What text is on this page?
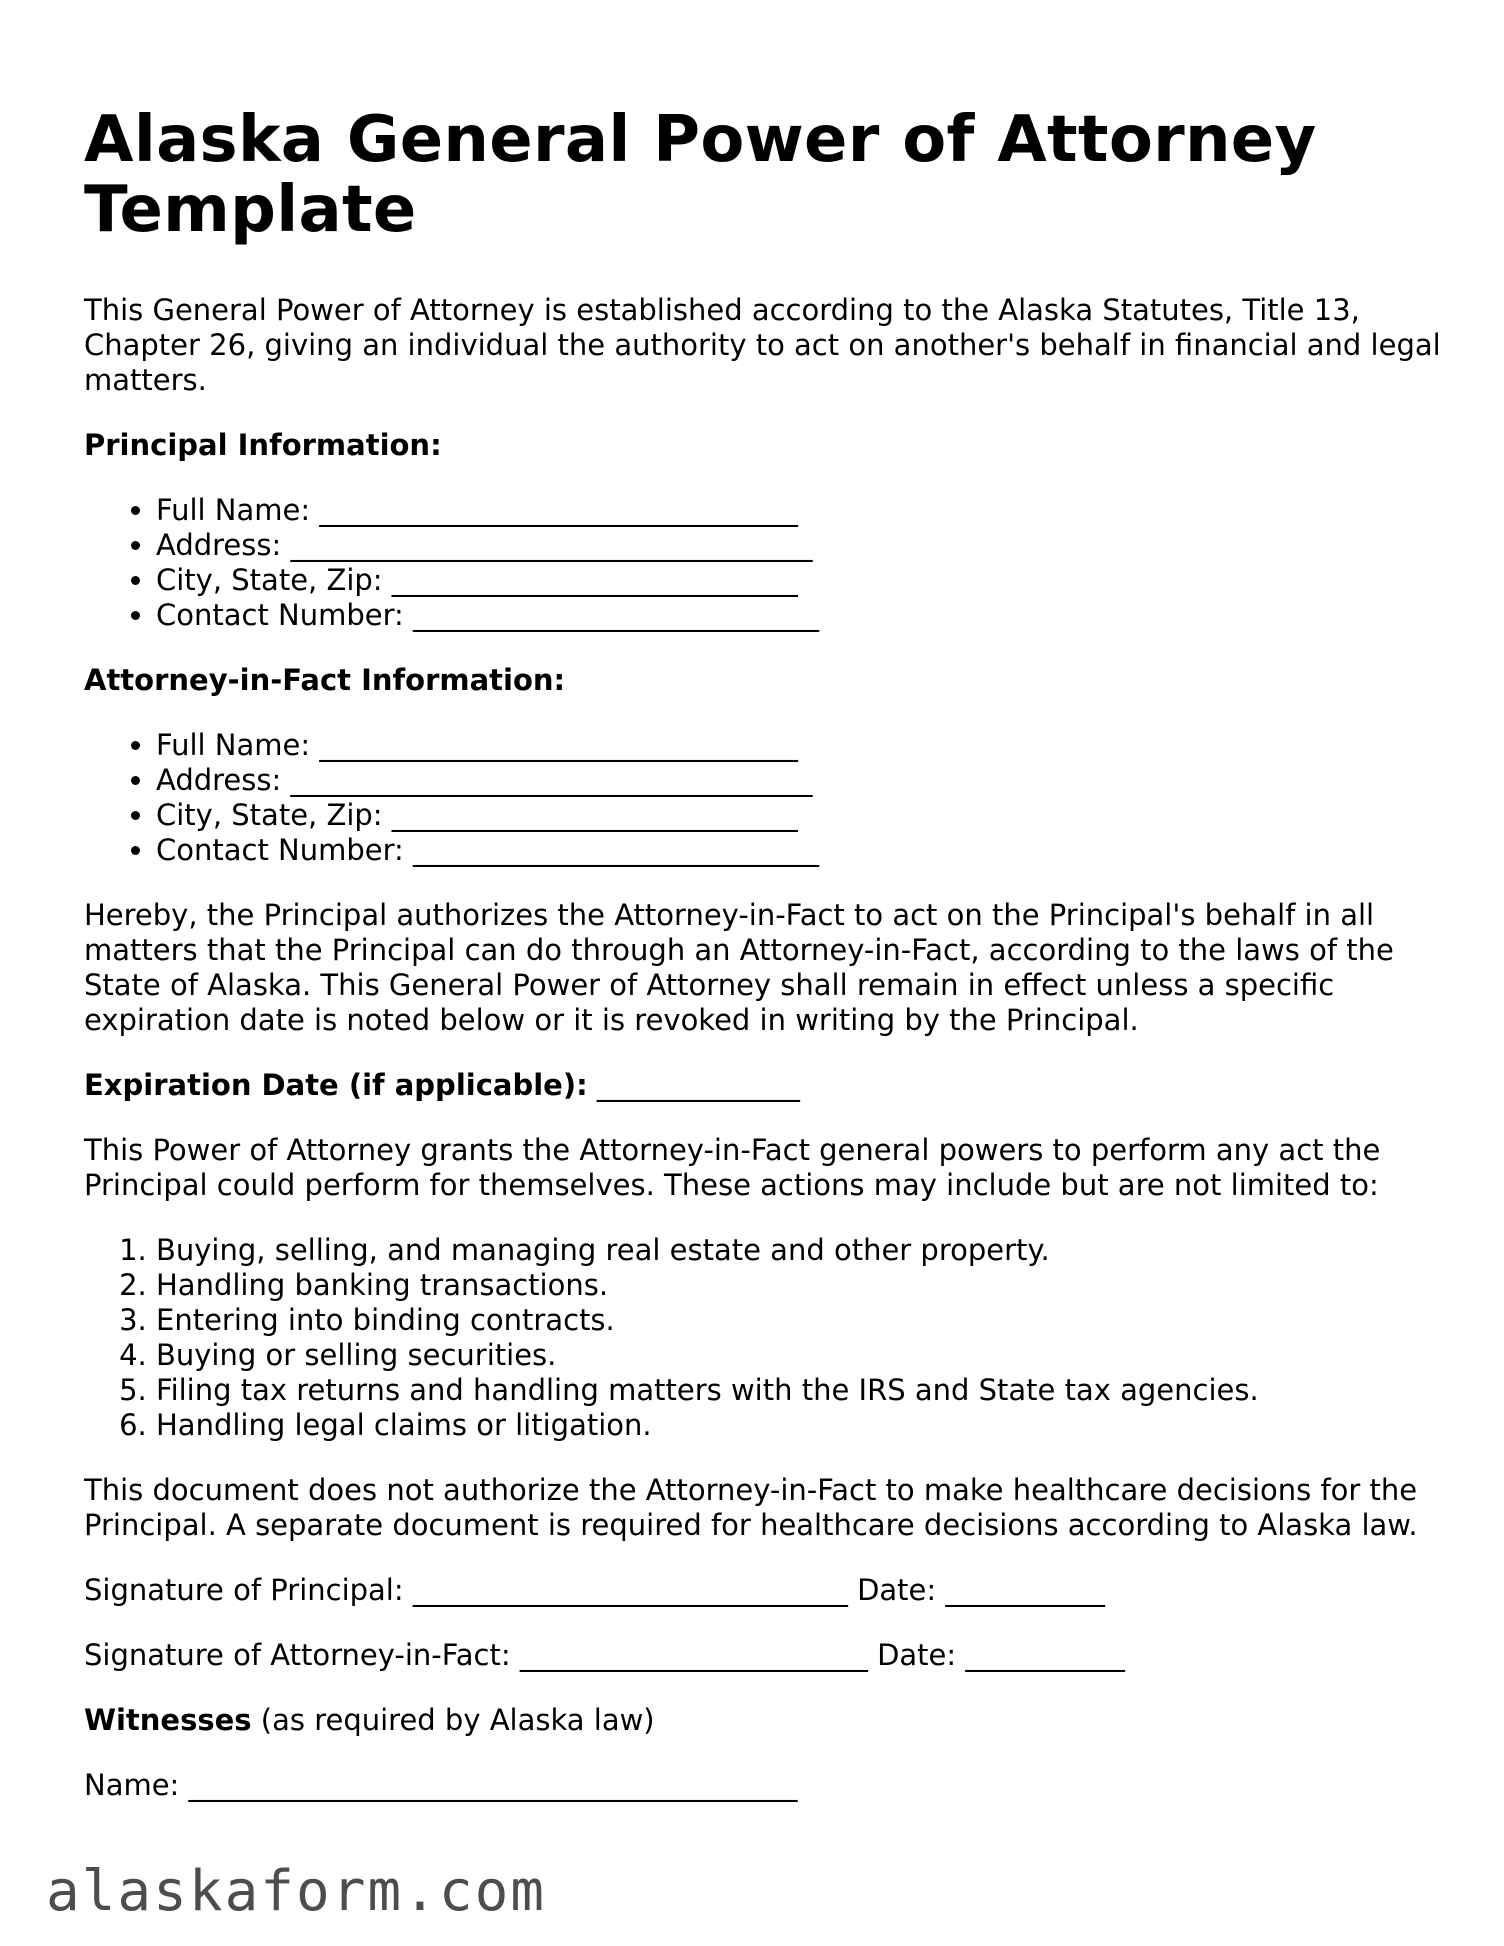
Alaska General Power of Attorney Template

This General Power of Attorney is established according to the Alaska Statutes, Title 13, Chapter 26, giving an individual the authority to act on another's behalf in financial and legal matters.

Principal Information:
• Full Name: _________________________________
• Address: ____________________________________
• City, State, Zip: ____________________________
• Contact Number: ____________________________
Attorney-in-Fact Information:
• Full Name: _________________________________
• Address: ____________________________________
• City, State, Zip: ____________________________
• Contact Number: ____________________________

Hereby, the Principal authorizes the Attorney-in-Fact to act on the Principal's behalf in all matters that the Principal can do through an Attorney-in-Fact, according to the laws of the State of Alaska. This General Power of Attorney shall remain in effect unless a specific expiration date is noted below or it is revoked in writing by the Principal.

Expiration Date (if applicable): ______________

This Power of Attorney grants the Attorney-in-Fact general powers to perform any act the Principal could perform for themselves. These actions may include but are not limited to:

1. Buying, selling, and managing real estate and other property.
2. Handling banking transactions.
3. Entering into binding contracts.
4. Buying or selling securities.
5. Filing tax returns and handling matters with the IRS and State tax agencies.
6. Handling legal claims or litigation.

This document does not authorize the Attorney-in-Fact to make healthcare decisions for the Principal. A separate document is required for healthcare decisions according to Alaska law.

Signature of Principal: ______________________________ Date: ___________

Signature of Attorney-in-Fact: ________________________ Date: ___________

Witnesses (as required by Alaska law)

Name: __________________________________________

alaskaform.com
